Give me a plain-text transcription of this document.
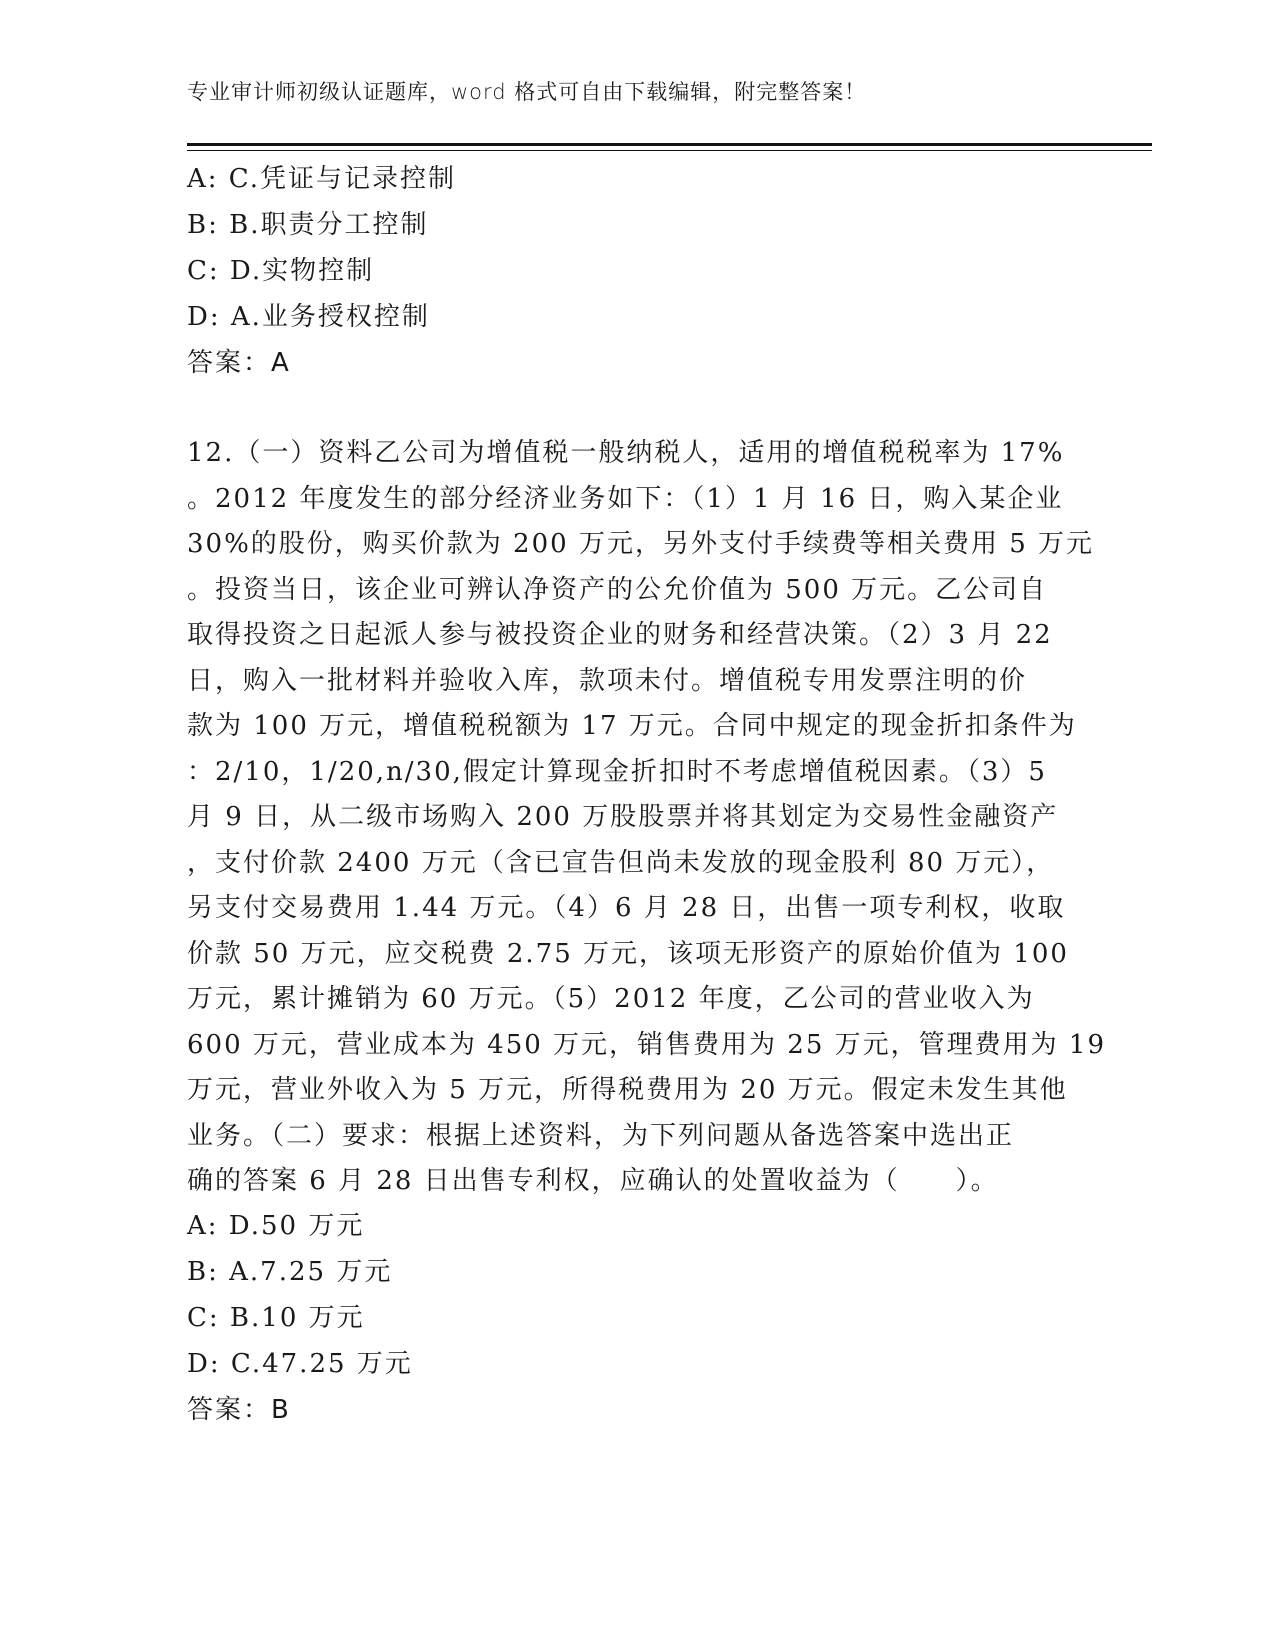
专业审计师初级认证题库，word 格式可自由下载编辑，附完整答案！
A: C.凭证与记录控制
B: B.职责分工控制
C: D.实物控制
D: A.业务授权控制
答案：A
12.（一）资料乙公司为增值税一般纳税人，适用的增值税税率为 17%
。2012 年度发生的部分经济业务如下：（1）1 月 16 日，购入某企业
30%的股份，购买价款为 200 万元，另外支付手续费等相关费用 5 万元
。投资当日，该企业可辨认净资产的公允价值为 500 万元。乙公司自
取得投资之日起派人参与被投资企业的财务和经营决策。（2）3 月 22
日，购入一批材料并验收入库，款项未付。增值税专用发票注明的价
款为 100 万元，增值税税额为 17 万元。合同中规定的现金折扣条件为
：2/10，1/20,n/30,假定计算现金折扣时不考虑增值税因素。（3）5
月 9 日，从二级市场购入 200 万股股票并将其划定为交易性金融资产
，支付价款 2400 万元（含已宣告但尚未发放的现金股利 80 万元），
另支付交易费用 1.44 万元。（4）6 月 28 日，出售一项专利权，收取
价款 50 万元，应交税费 2.75 万元，该项无形资产的原始价值为 100
万元，累计摊销为 60 万元。（5）2012 年度，乙公司的营业收入为
600 万元，营业成本为 450 万元，销售费用为 25 万元，管理费用为 19
万元，营业外收入为 5 万元，所得税费用为 20 万元。假定未发生其他
业务。（二）要求：根据上述资料，为下列问题从备选答案中选出正
确的答案 6 月 28 日出售专利权，应确认的处置收益为（　　）。
A: D.50 万元
B: A.7.25 万元
C: B.10 万元
D: C.47.25 万元
答案：B
